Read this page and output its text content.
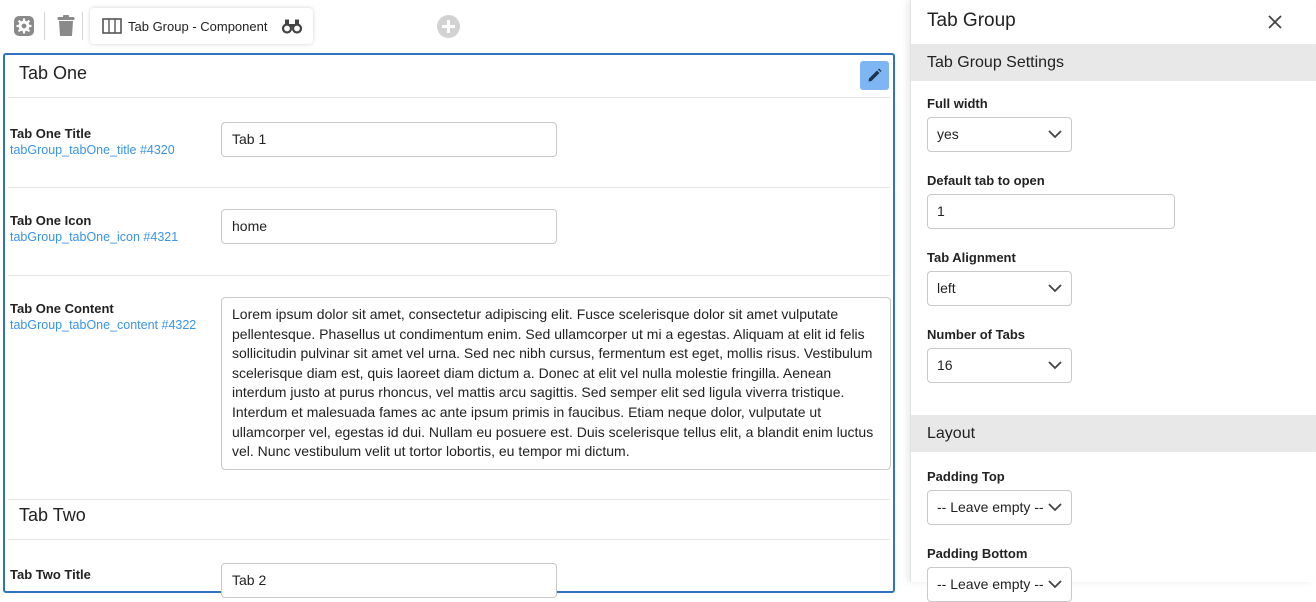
Tab Group - Component
Tab One
Tab One Title
tabGroup_tabOne_title #4320
Tab 1
Tab One Icon
tabGroup_tabOne_icon #4321
home
Tab One Content
tabGroup_tabOne_content #4322
Lorem ipsum dolor sit amet, consectetur adipiscing elit. Fusce scelerisque dolor sit amet vulputate pellentesque. Phasellus ut condimentum enim. Sed ullamcorper ut mi a egestas. Aliquam at elit id felis sollicitudin pulvinar sit amet vel urna. Sed nec nibh cursus, fermentum est eget, mollis risus. Vestibulum scelerisque diam est, quis laoreet diam dictum a. Donec at elit vel nulla molestie fringilla. Aenean interdum justo at purus rhoncus, vel mattis arcu sagittis. Sed semper elit sed ligula viverra tristique. Interdum et malesuada fames ac ante ipsum primis in faucibus. Etiam neque dolor, vulputate ut ullamcorper vel, egestas id dui. Nullam eu posuere est. Duis scelerisque tellus elit, a blandit enim luctus vel. Nunc vestibulum velit ut tortor lobortis, eu tempor mi dictum.
Tab Two
Tab Two Title	Tab 2
Tab Group
Tab Group Settings
Full width
yes
Default tab to open
1
Tab Alignment
left
Number of Tabs
16
Layout
Padding Top
-- Leave empty --
Padding Bottom
-- Leave empty --
